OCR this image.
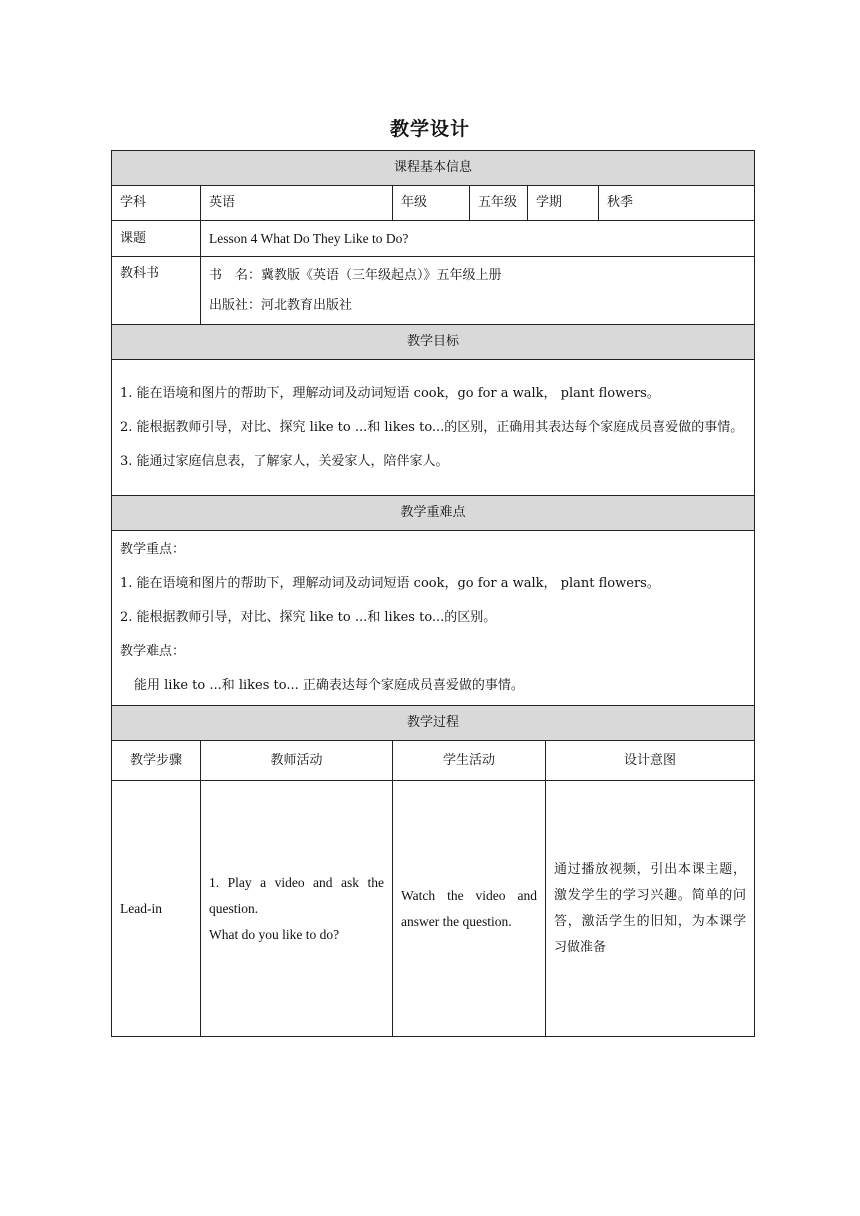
教学设计
课程基本信息					
学科	英语	年级 五年级	学期		秋季
课题	Lesson 4 What Do They Like to Do?				
教科书	书　名：冀教版《英语（三年级起点）》五年级上册
出版社：河北教育出版社				

教学目标					

1. 能在语境和图片的帮助下，理解动词及动词短语 cook，go for a walk， plant flowers。
2. 能根据教师引导，对比、探究 like to ...和 likes to...的区别，正确用其表达每个家庭成员喜爱做的事情。
3. 能通过家庭信息表，了解家人，关爱家人，陪伴家人。					

教学重难点					

教学重点：
1. 能在语境和图片的帮助下，理解动词及动词短语 cook，go for a walk， plant flowers。
2. 能根据教师引导，对比、探究 like to ...和 likes to...的区别。
教学难点：
能用 like to ...和 likes to... 正确表达每个家庭成员喜爱做的事情。					

教学过程					
教学步骤	教师活动	学生活动		设计意图	
Lead-in	1. Play a video and ask the question.
What do you like to do?	Watch the video and answer the question.		通过播放视频，引出本课主题，激发学生的学习兴趣。简单的问答，激活学生的旧知，为本课学习做准备	
